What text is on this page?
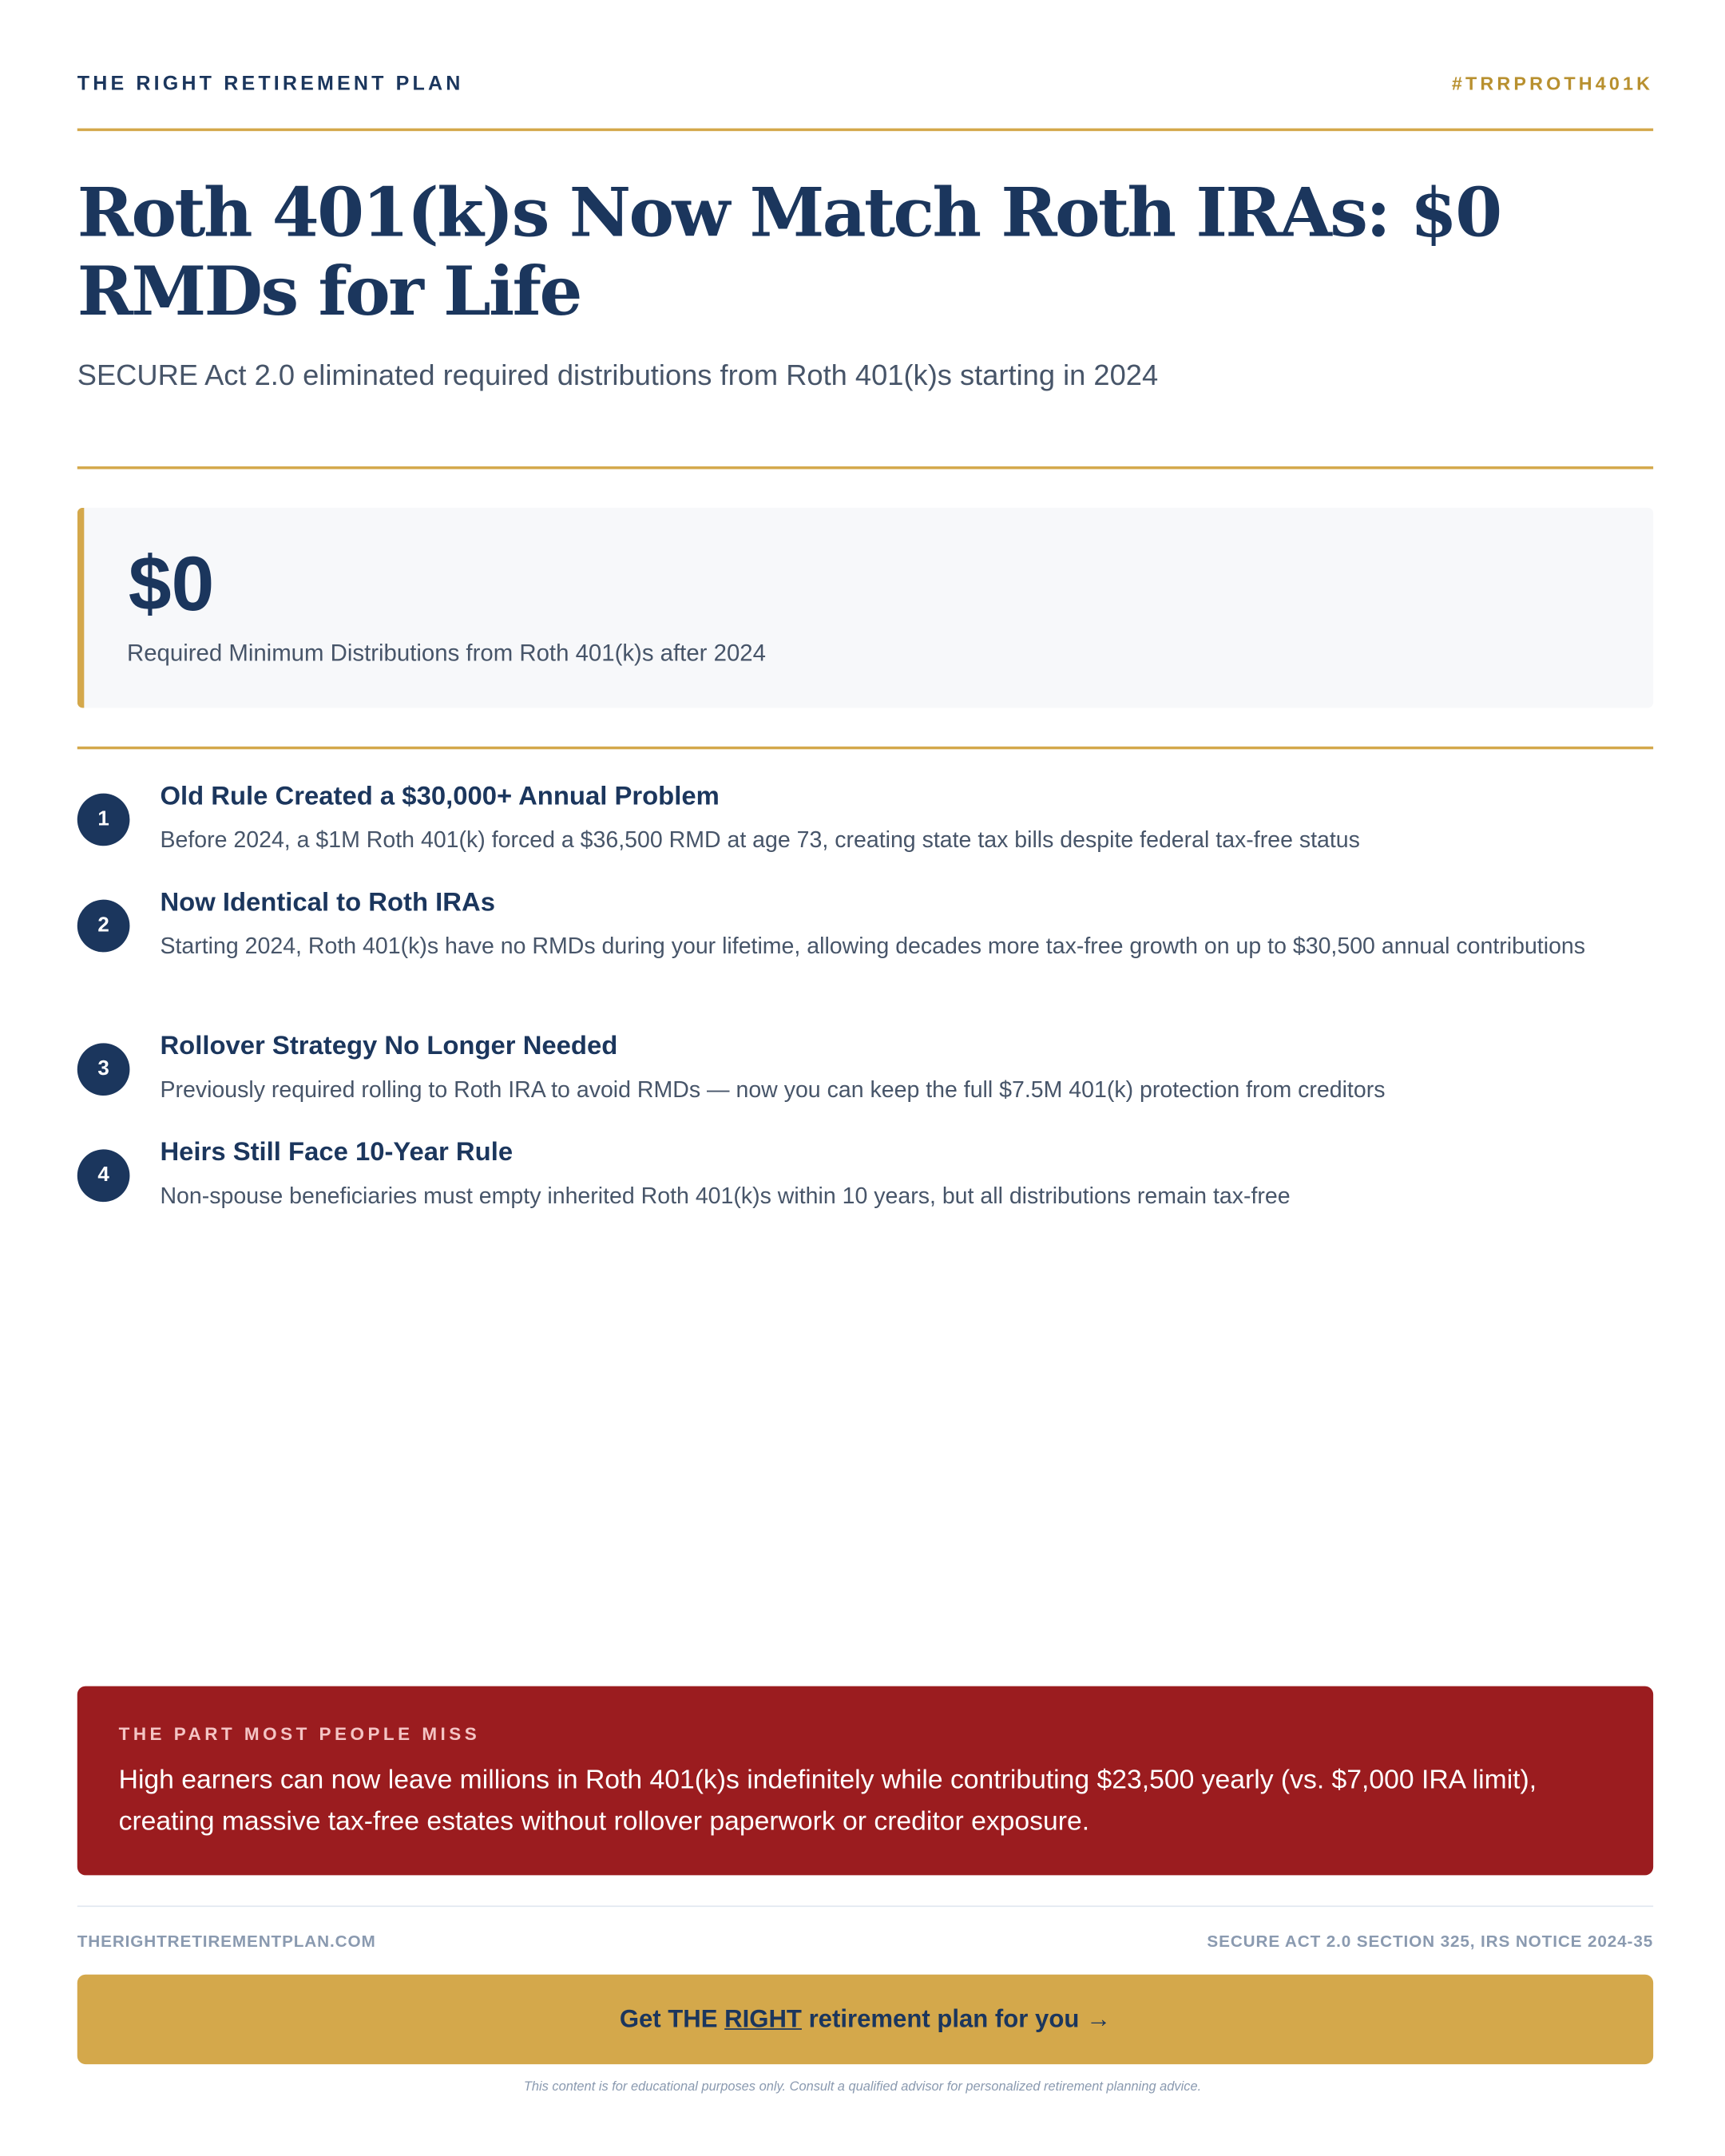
THE RIGHT RETIREMENT PLAN	#TRRPROTH401K
Roth 401(k)s Now Match Roth IRAs: $0 RMDs for Life
SECURE Act 2.0 eliminated required distributions from Roth 401(k)s starting in 2024
$0
Required Minimum Distributions from Roth 401(k)s after 2024
1
Old Rule Created a $30,000+ Annual Problem
Before 2024, a $1M Roth 401(k) forced a $36,500 RMD at age 73, creating state tax bills despite federal tax-free status
2
Now Identical to Roth IRAs
Starting 2024, Roth 401(k)s have no RMDs during your lifetime, allowing decades more tax-free growth on up to $30,500 annual contributions
3
Rollover Strategy No Longer Needed
Previously required rolling to Roth IRA to avoid RMDs — now you can keep the full $7.5M 401(k) protection from creditors
4
Heirs Still Face 10-Year Rule
Non-spouse beneficiaries must empty inherited Roth 401(k)s within 10 years, but all distributions remain tax-free
THE PART MOST PEOPLE MISS
High earners can now leave millions in Roth 401(k)s indefinitely while contributing $23,500 yearly (vs. $7,000 IRA limit), creating massive tax-free estates without rollover paperwork or creditor exposure.
THERIGHTRETIREMENTPLAN.COM	SECURE ACT 2.0 SECTION 325, IRS NOTICE 2024-35
Get THE RIGHT retirement plan for you →
This content is for educational purposes only. Consult a qualified advisor for personalized retirement planning advice.
